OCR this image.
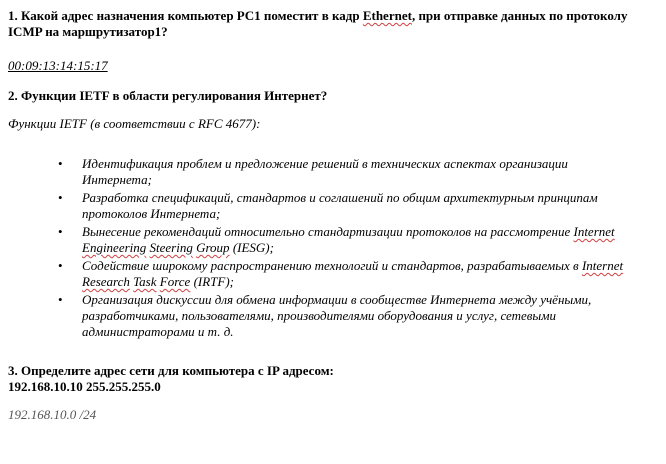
1. Какой адрес назначения компьютер PC1 поместит в кадр Ethernet, при отправке данных по протоколу ICMP на маршрутизатор1?

00:09:13:14:15:17

2. Функции IETF в области регулирования Интернет?

Функции IETF (в соответствии с RFC 4677):

• Идентификация проблем и предложение решений в технических аспектах организации Интернета;
• Разработка спецификаций, стандартов и соглашений по общим архитектурным принципам протоколов Интернета;
• Вынесение рекомендаций относительно стандартизации протоколов на рассмотрение Internet Engineering Steering Group (IESG);
• Содействие широкому распространению технологий и стандартов, разрабатываемых в Internet Research Task Force (IRTF);
• Организация дискуссии для обмена информации в сообществе Интернета между учёными, разработчиками, пользователями, производителями оборудования и услуг, сетевыми администраторами и т. д.

3. Определите адрес сети для компьютера с IP адресом:

192.168.10.10 255.255.255.0

192.168.10.0 /24
